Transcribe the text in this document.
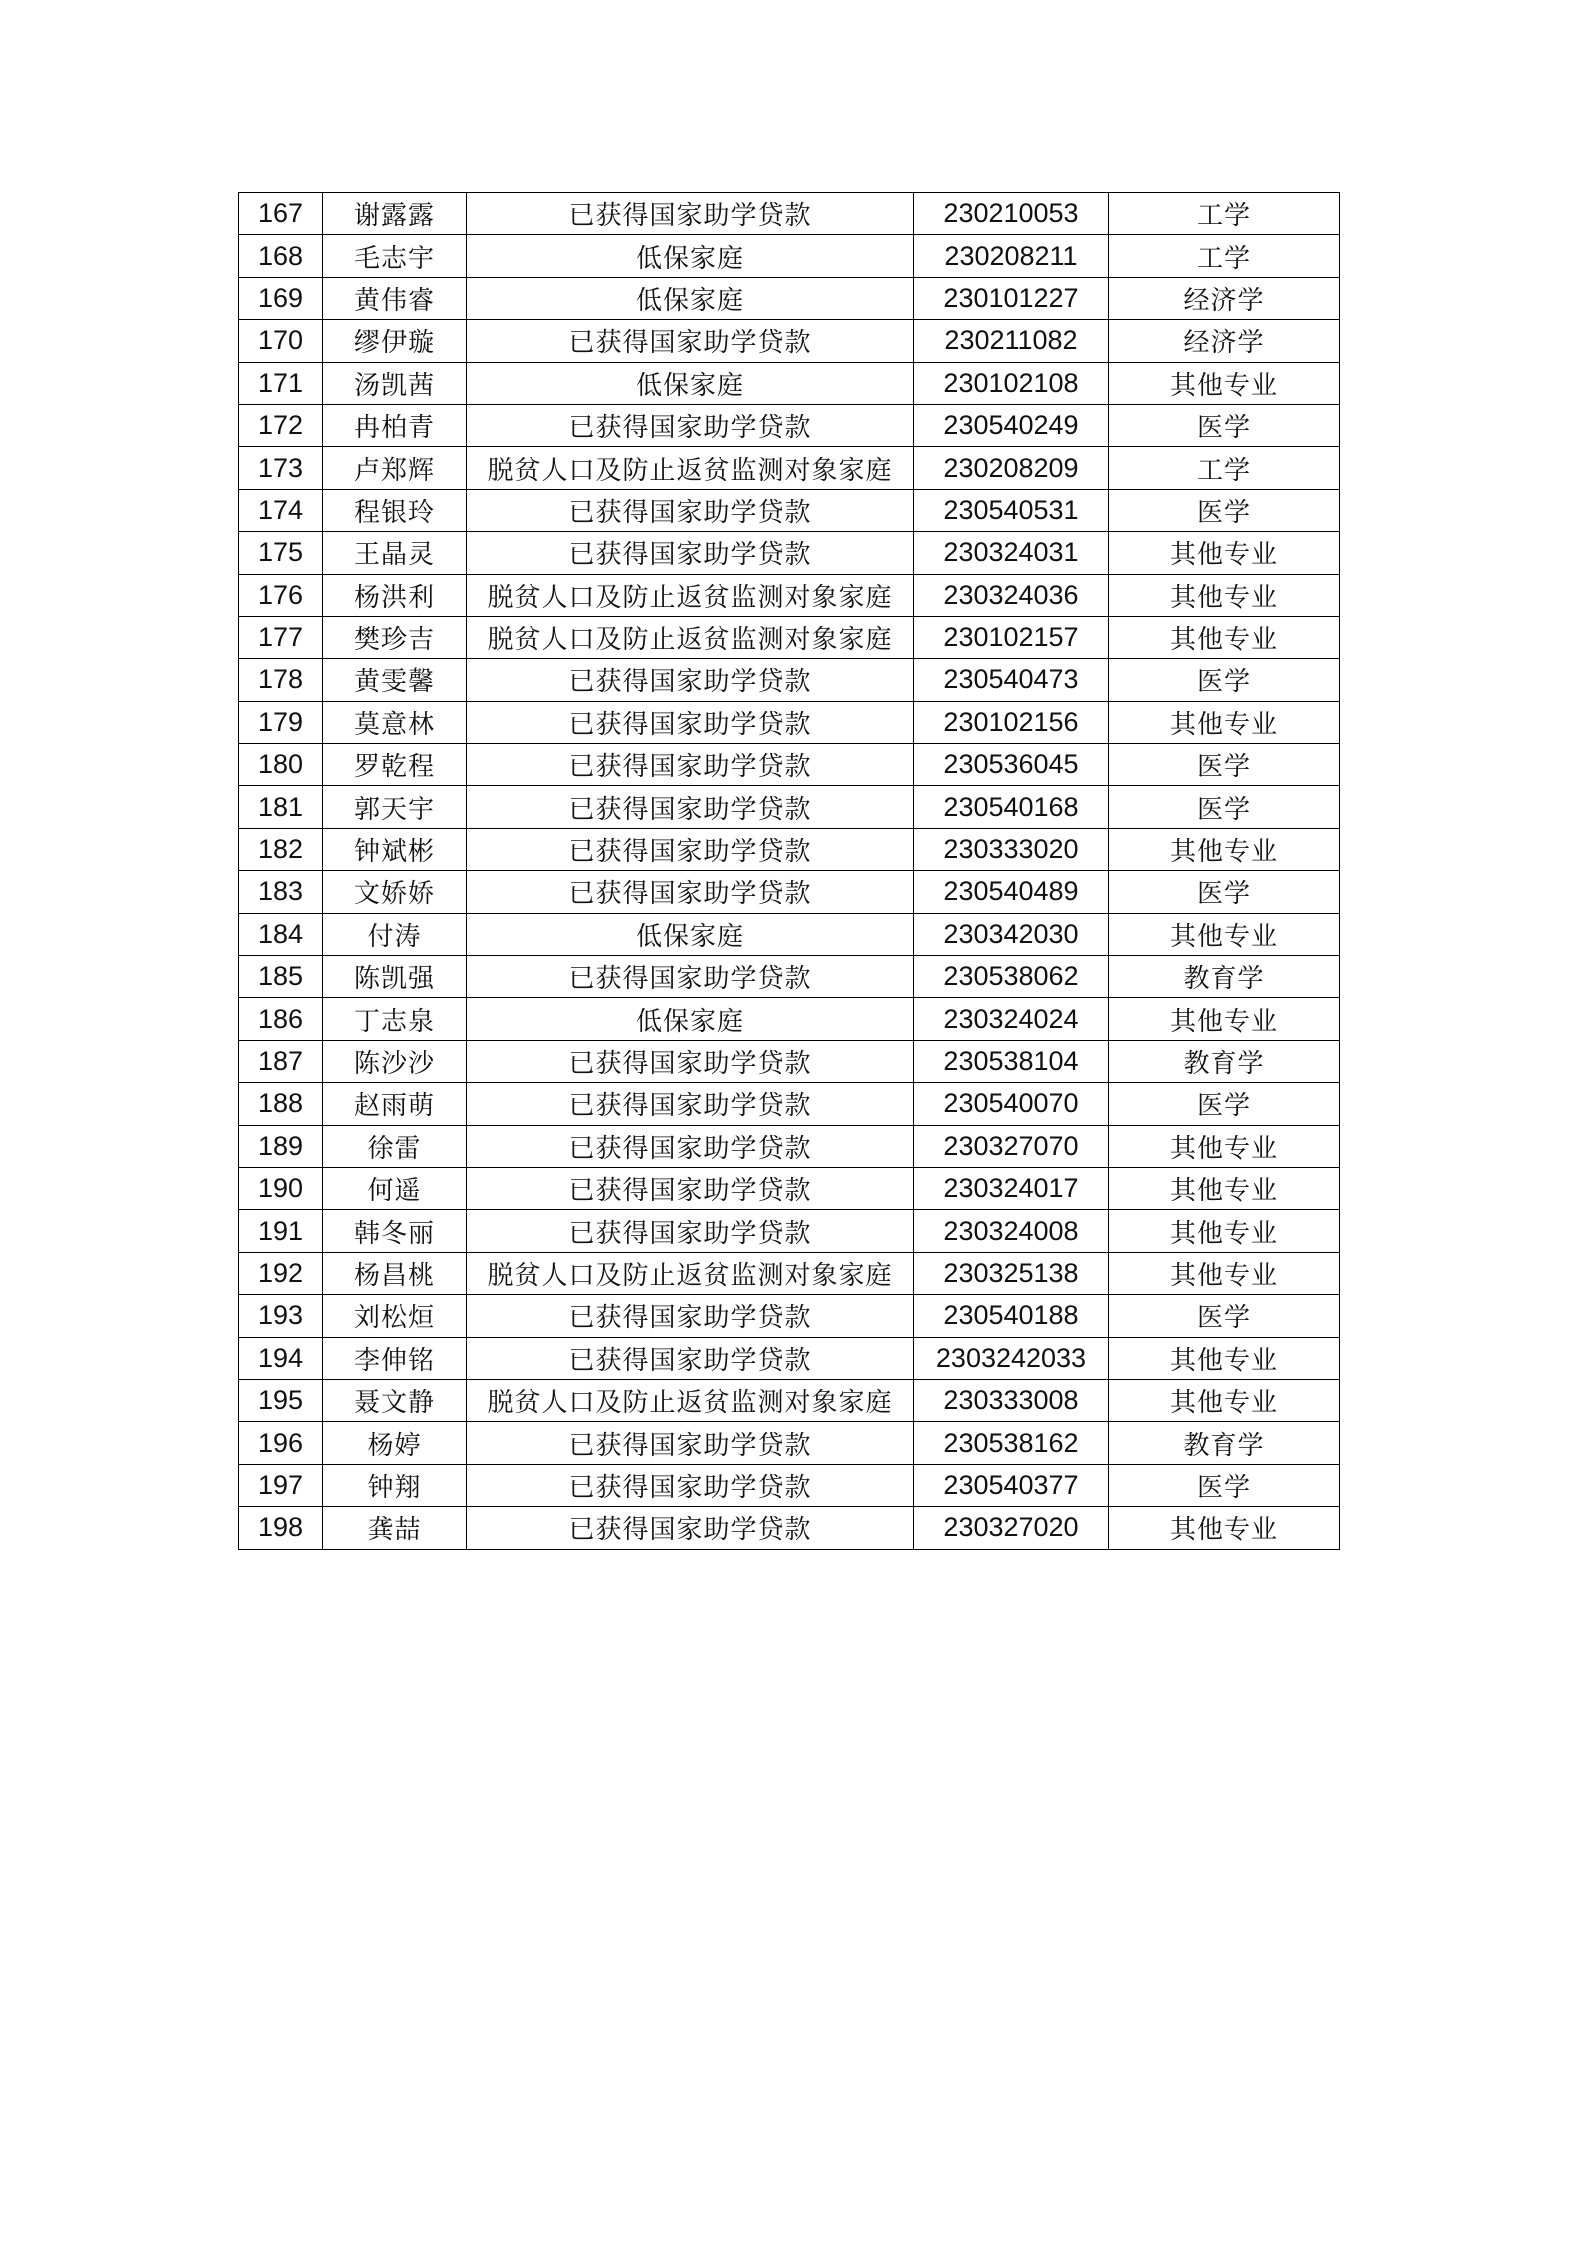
167	谢露露	已获得国家助学贷款	230210053	工学
168	毛志宇	低保家庭	230208211	工学
169	黄伟睿	低保家庭	230101227	经济学
170	缪伊璇	已获得国家助学贷款	230211082	经济学
171	汤凯茜	低保家庭	230102108	其他专业
172	冉柏青	已获得国家助学贷款	230540249	医学
173	卢郑辉	脱贫人口及防止返贫监测对象家庭	230208209	工学
174	程银玲	已获得国家助学贷款	230540531	医学
175	王晶灵	已获得国家助学贷款	230324031	其他专业
176	杨洪利	脱贫人口及防止返贫监测对象家庭	230324036	其他专业
177	樊珍吉	脱贫人口及防止返贫监测对象家庭	230102157	其他专业
178	黄雯馨	已获得国家助学贷款	230540473	医学
179	莫意林	已获得国家助学贷款	230102156	其他专业
180	罗乾程	已获得国家助学贷款	230536045	医学
181	郭天宇	已获得国家助学贷款	230540168	医学
182	钟斌彬	已获得国家助学贷款	230333020	其他专业
183	文娇娇	已获得国家助学贷款	230540489	医学
184	付涛	低保家庭	230342030	其他专业
185	陈凯强	已获得国家助学贷款	230538062	教育学
186	丁志泉	低保家庭	230324024	其他专业
187	陈沙沙	已获得国家助学贷款	230538104	教育学
188	赵雨萌	已获得国家助学贷款	230540070	医学
189	徐雷	已获得国家助学贷款	230327070	其他专业
190	何遥	已获得国家助学贷款	230324017	其他专业
191	韩冬丽	已获得国家助学贷款	230324008	其他专业
192	杨昌桃	脱贫人口及防止返贫监测对象家庭	230325138	其他专业
193	刘松烜	已获得国家助学贷款	230540188	医学
194	李伸铭	已获得国家助学贷款	2303242033	其他专业
195	聂文静	脱贫人口及防止返贫监测对象家庭	230333008	其他专业
196	杨婷	已获得国家助学贷款	230538162	教育学
197	钟翔	已获得国家助学贷款	230540377	医学
198	龚喆	已获得国家助学贷款	230327020	其他专业
